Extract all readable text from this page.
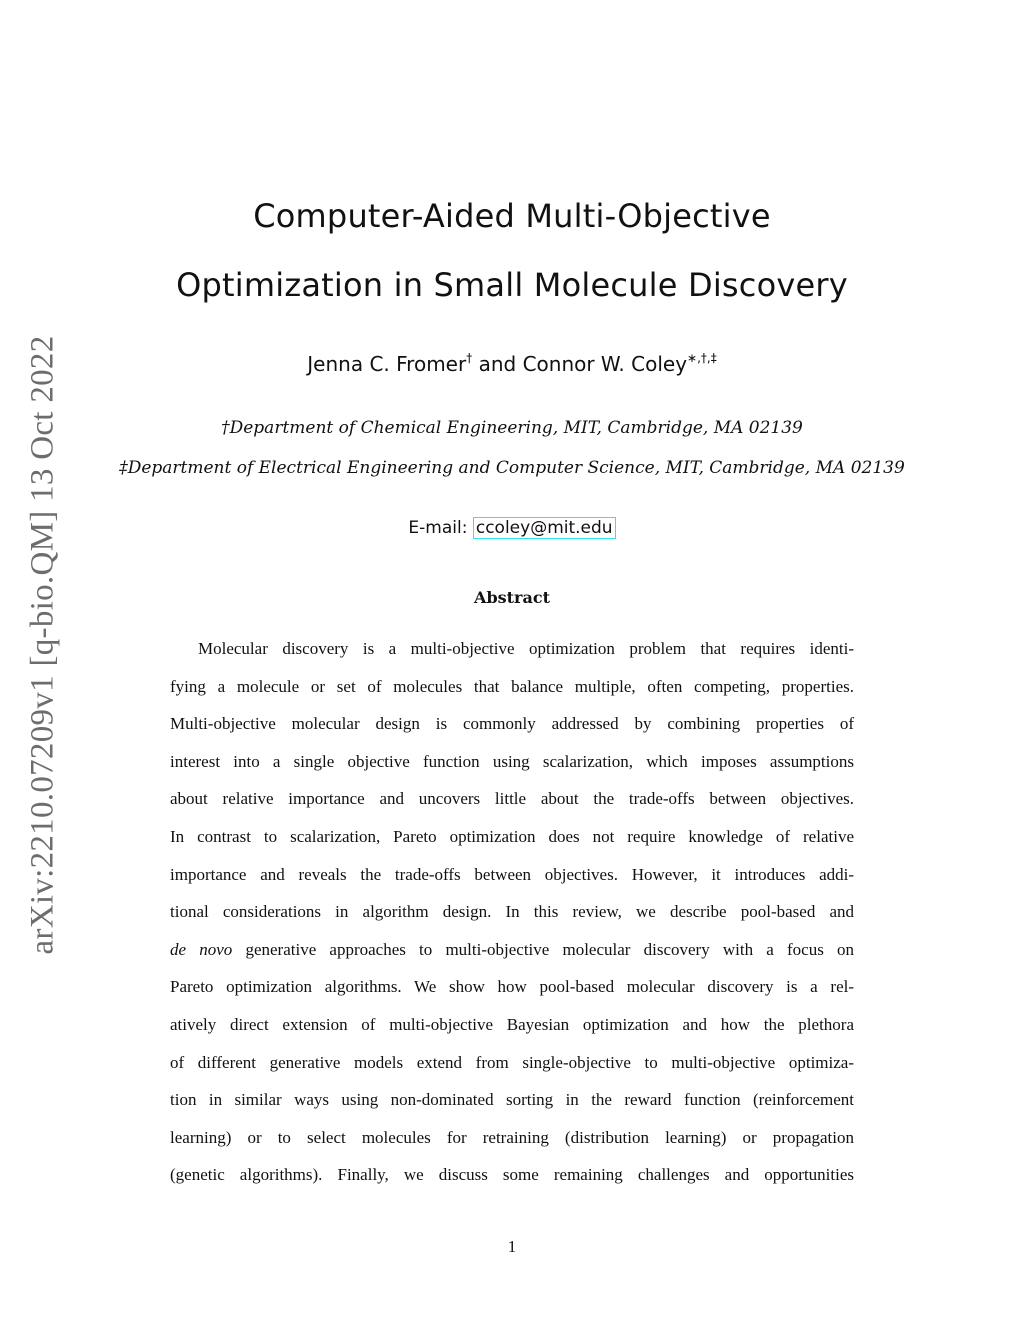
arXiv:2210.07209v1 [q-bio.QM] 13 Oct 2022
Computer-Aided Multi-Objective
Optimization in Small Molecule Discovery
Jenna C. Fromer† and Connor W. Coley∗,†,‡
†Department of Chemical Engineering, MIT, Cambridge, MA 02139
‡Department of Electrical Engineering and Computer Science, MIT, Cambridge, MA 02139
E-mail: ccoley@mit.edu
Abstract
Molecular discovery is a multi-objective optimization problem that requires identi-
fying a molecule or set of molecules that balance multiple, often competing, properties.
Multi-objective molecular design is commonly addressed by combining properties of
interest into a single objective function using scalarization, which imposes assumptions
about relative importance and uncovers little about the trade-offs between objectives.
In contrast to scalarization, Pareto optimization does not require knowledge of relative
importance and reveals the trade-offs between objectives. However, it introduces addi-
tional considerations in algorithm design. In this review, we describe pool-based and
de novo generative approaches to multi-objective molecular discovery with a focus on
Pareto optimization algorithms. We show how pool-based molecular discovery is a rel-
atively direct extension of multi-objective Bayesian optimization and how the plethora
of different generative models extend from single-objective to multi-objective optimiza-
tion in similar ways using non-dominated sorting in the reward function (reinforcement
learning) or to select molecules for retraining (distribution learning) or propagation
(genetic algorithms). Finally, we discuss some remaining challenges and opportunities
1
